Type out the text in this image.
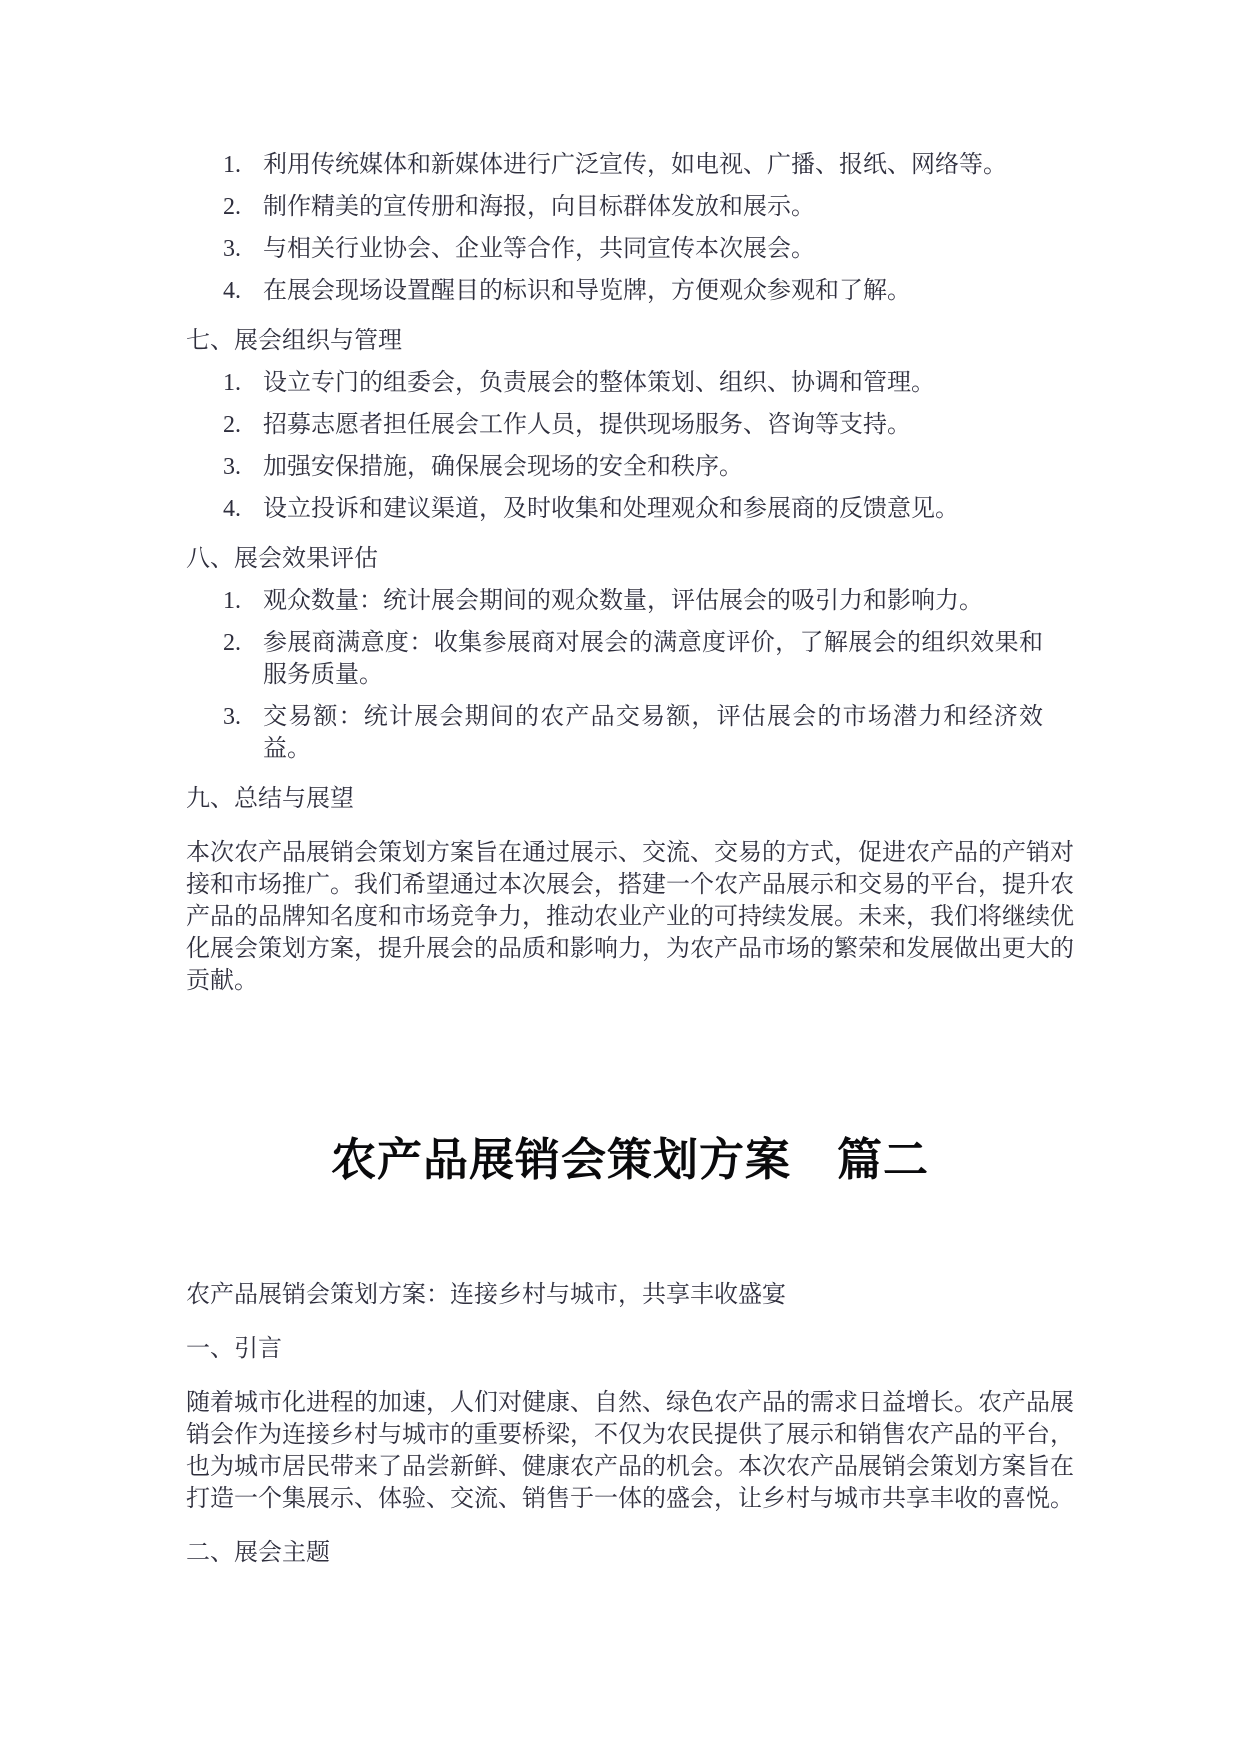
1. 利用传统媒体和新媒体进行广泛宣传，如电视、广播、报纸、网络等。
2. 制作精美的宣传册和海报，向目标群体发放和展示。
3. 与相关行业协会、企业等合作，共同宣传本次展会。
4. 在展会现场设置醒目的标识和导览牌，方便观众参观和了解。
七、展会组织与管理
1. 设立专门的组委会，负责展会的整体策划、组织、协调和管理。
2. 招募志愿者担任展会工作人员，提供现场服务、咨询等支持。
3. 加强安保措施，确保展会现场的安全和秩序。
4. 设立投诉和建议渠道，及时收集和处理观众和参展商的反馈意见。
八、展会效果评估
1. 观众数量：统计展会期间的观众数量，评估展会的吸引力和影响力。
2. 参展商满意度：收集参展商对展会的满意度评价，了解展会的组织效果和服务质量。
3. 交易额：统计展会期间的农产品交易额，评估展会的市场潜力和经济效益。
九、总结与展望

本次农产品展销会策划方案旨在通过展示、交流、交易的方式，促进农产品的产销对接和市场推广。我们希望通过本次展会，搭建一个农产品展示和交易的平台，提升农产品的品牌知名度和市场竞争力，推动农业产业的可持续发展。未来，我们将继续优化展会策划方案，提升展会的品质和影响力，为农产品市场的繁荣和发展做出更大的贡献。

农产品展销会策划方案　篇二

农产品展销会策划方案：连接乡村与城市，共享丰收盛宴

一、引言

随着城市化进程的加速，人们对健康、自然、绿色农产品的需求日益增长。农产品展销会作为连接乡村与城市的重要桥梁，不仅为农民提供了展示和销售农产品的平台，也为城市居民带来了品尝新鲜、健康农产品的机会。本次农产品展销会策划方案旨在打造一个集展示、体验、交流、销售于一体的盛会，让乡村与城市共享丰收的喜悦。

二、展会主题
